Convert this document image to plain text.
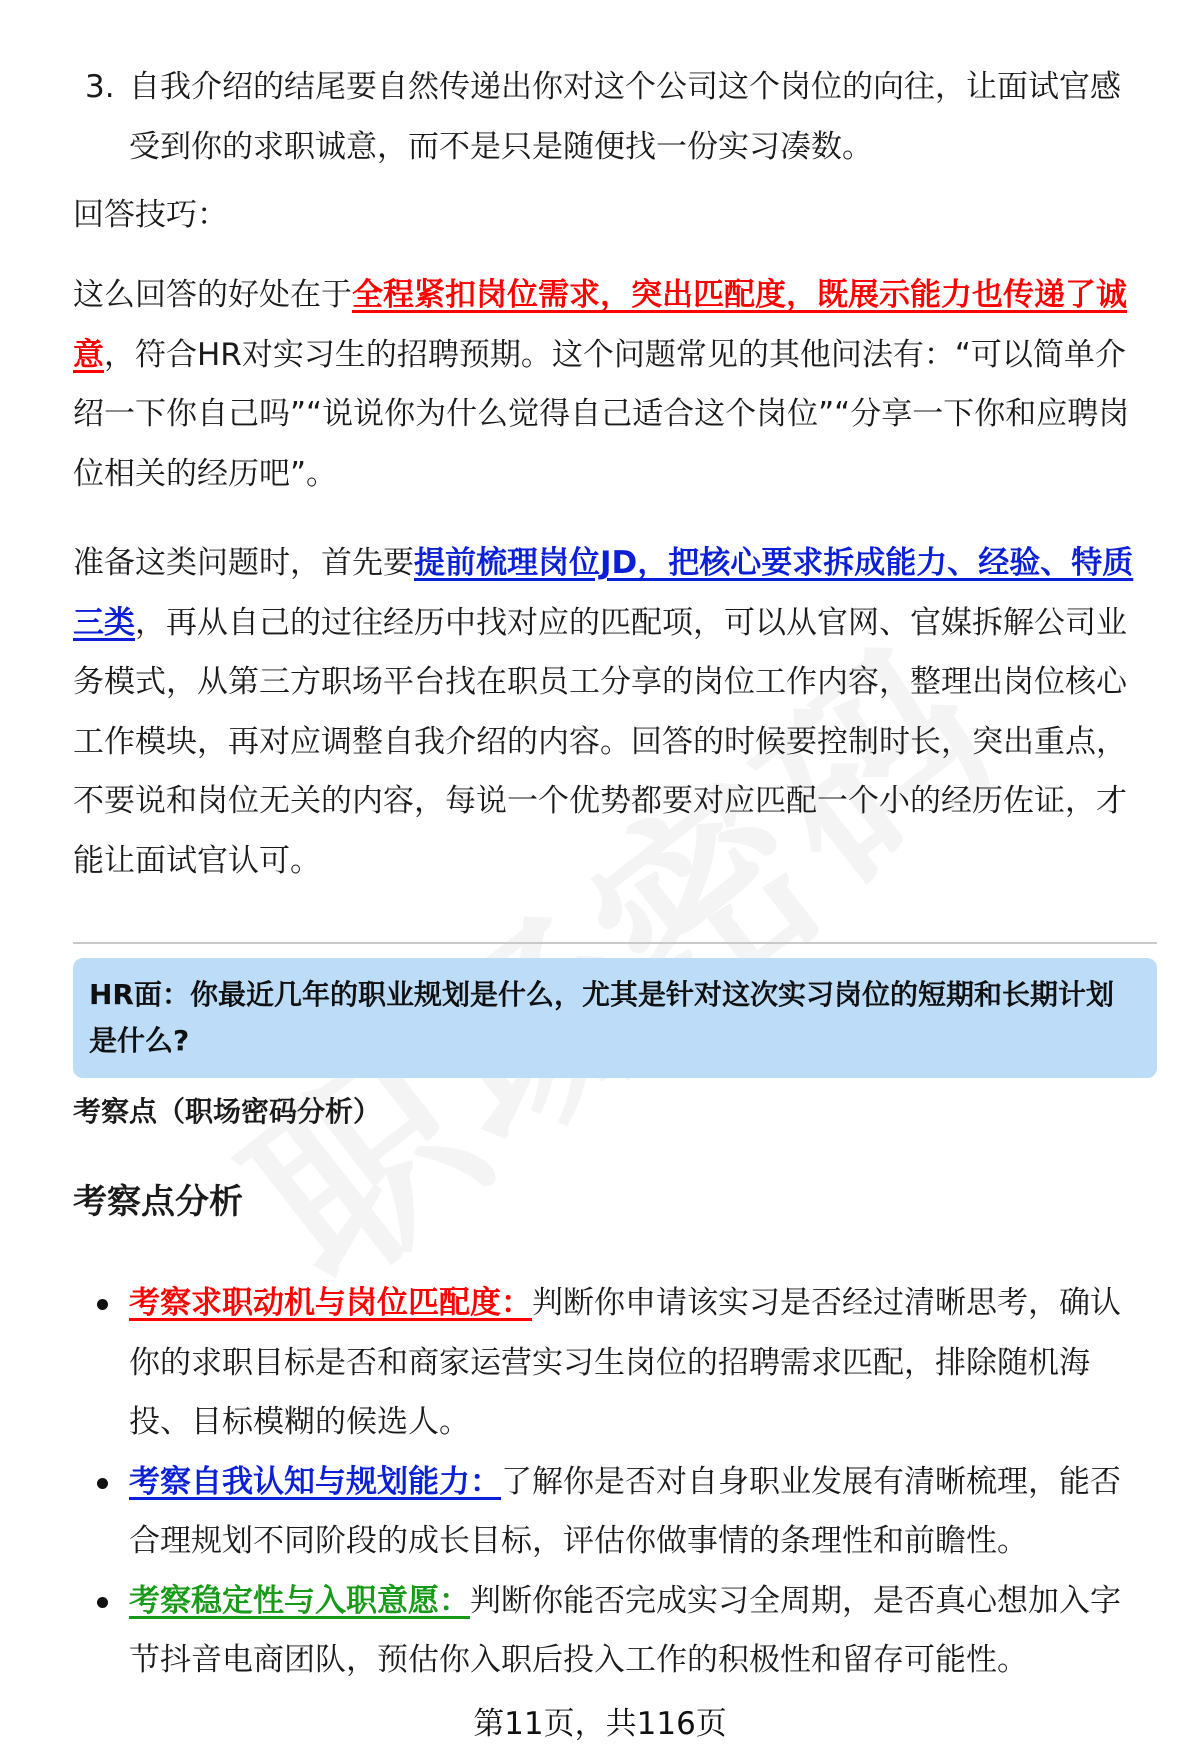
3. 自我介绍的结尾要自然传递出你对这个公司这个岗位的向往，让面试官感受到你的求职诚意，而不是只是随便找一份实习凑数。

回答技巧：

这么回答的好处在于全程紧扣岗位需求，突出匹配度，既展示能力也传递了诚意，符合HR对实习生的招聘预期。这个问题常见的其他问法有：“可以简单介绍一下你自己吗”“说说你为什么觉得自己适合这个岗位”“分享一下你和应聘岗位相关的经历吧”。

准备这类问题时，首先要提前梳理岗位JD，把核心要求拆成能力、经验、特质三类，再从自己的过往经历中找对应的匹配项，可以从官网、官媒拆解公司业务模式，从第三方职场平台找在职员工分享的岗位工作内容，整理出岗位核心工作模块，再对应调整自我介绍的内容。回答的时候要控制时长，突出重点，不要说和岗位无关的内容，每说一个优势都要对应匹配一个小的经历佐证，才能让面试官认可。

HR面：你最近几年的职业规划是什么，尤其是针对这次实习岗位的短期和长期计划是什么?
考察点（职场密码分析）
考察点分析
考察求职动机与岗位匹配度：判断你申请该实习是否经过清晰思考，确认你的求职目标是否和商家运营实习生岗位的招聘需求匹配，排除随机海投、目标模糊的候选人。
考察自我认知与规划能力：了解你是否对自身职业发展有清晰梳理，能否合理规划不同阶段的成长目标，评估你做事情的条理性和前瞻性。
考察稳定性与入职意愿：判断你能否完成实习全周期，是否真心想加入字节抖音电商团队，预估你入职后投入工作的积极性和留存可能性。
第11页，共116页
